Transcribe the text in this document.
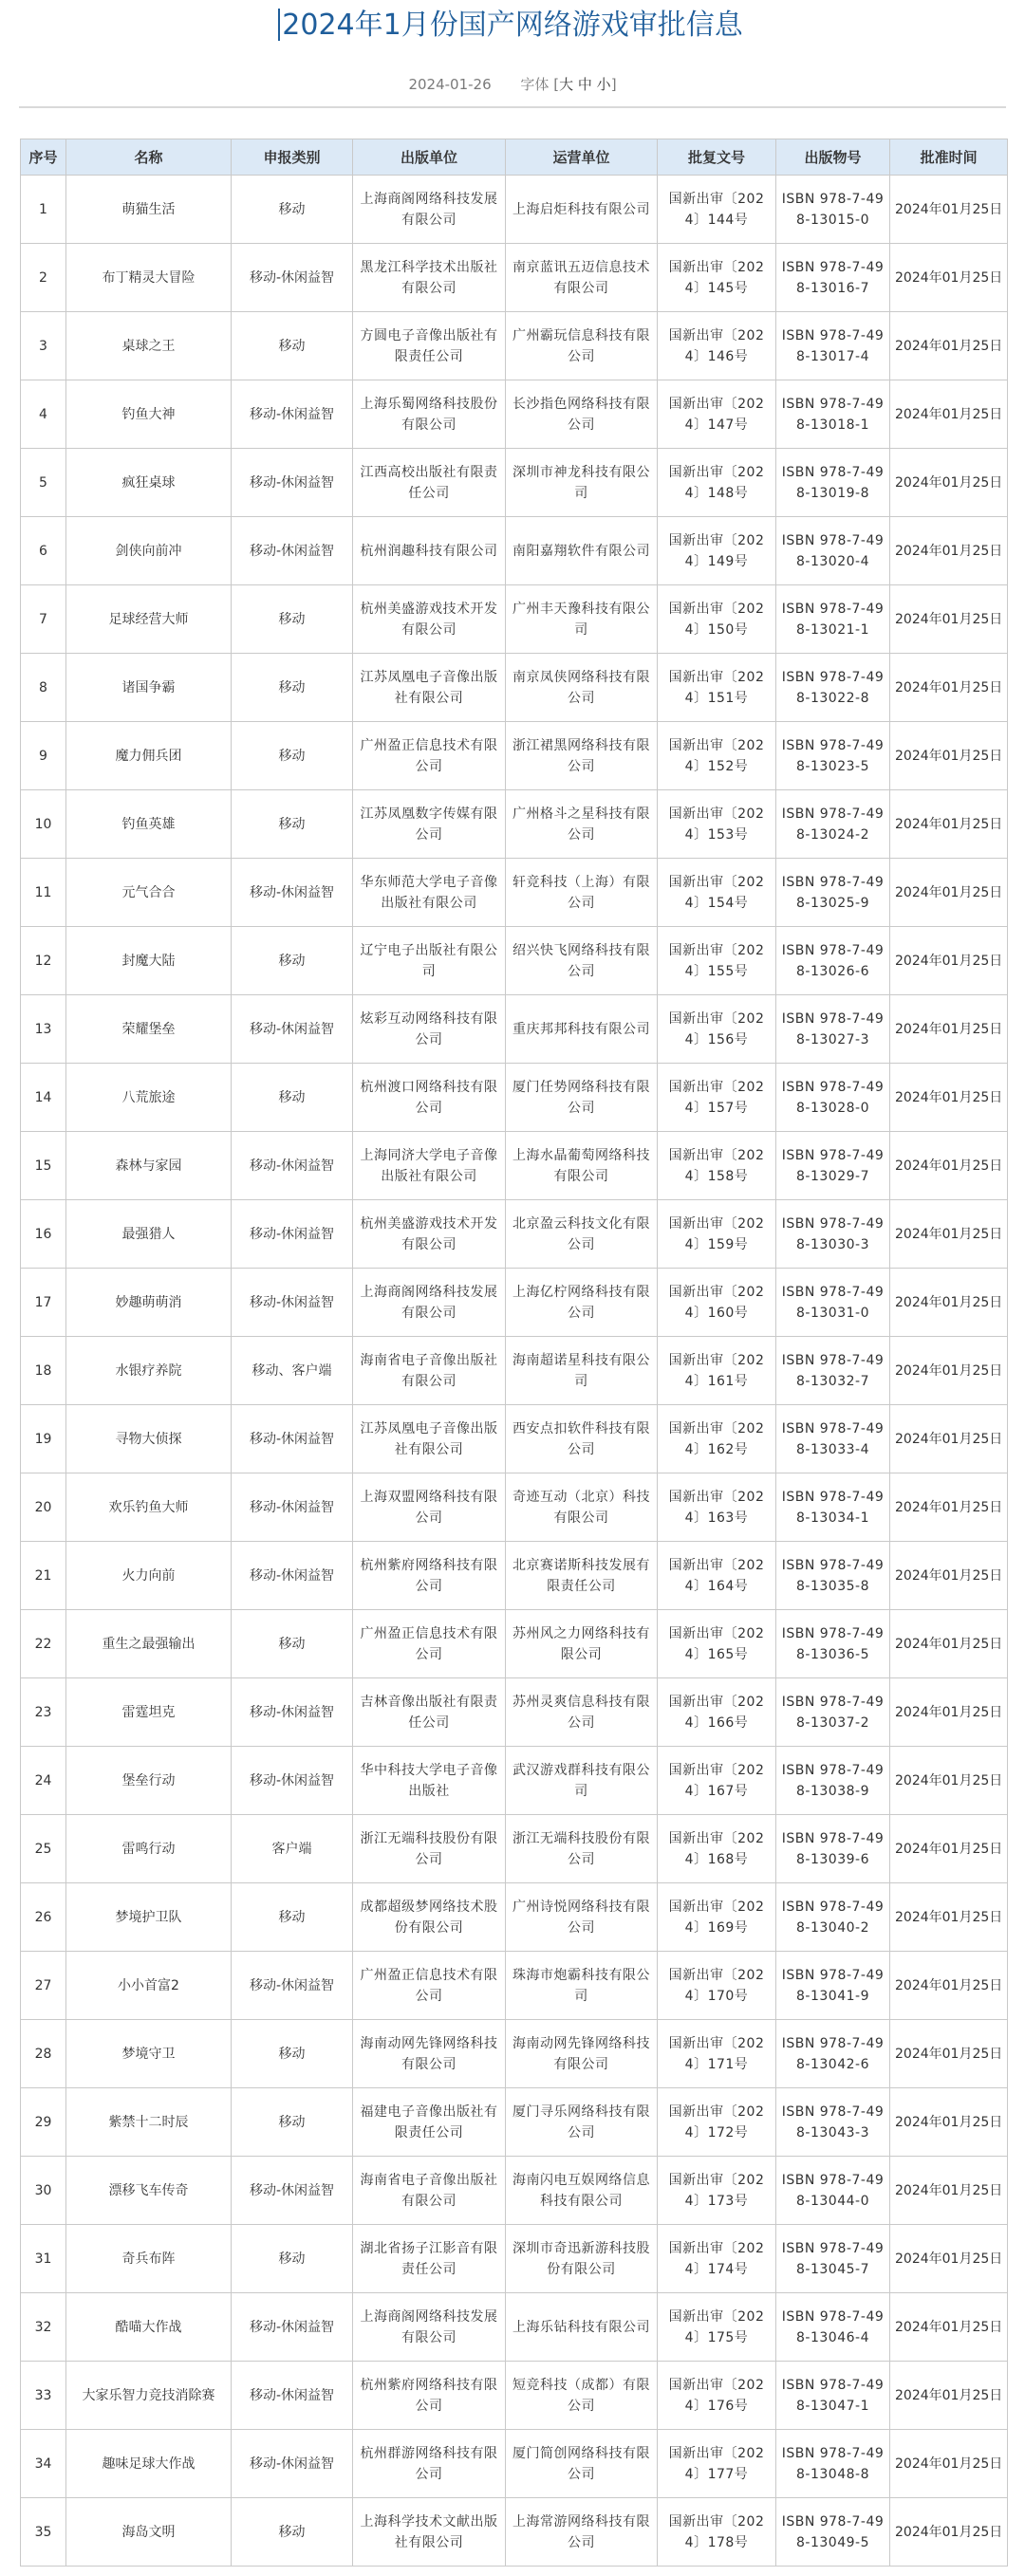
2024年1月份国产网络游戏审批信息
2024-01-26 字体 [大 中 小]
序号	名称	申报类别	出版单位	运营单位	批复文号	出版物号	批准时间
1	萌猫生活	移动	上海商阁网络科技发展有限公司	上海启炬科技有限公司	国新出审〔2024〕144号	ISBN 978-7-498-13015-0	2024年01月25日
2	布丁精灵大冒险	移动-休闲益智	黑龙江科学技术出版社有限公司	南京蓝讯五迈信息技术有限公司	国新出审〔2024〕145号	ISBN 978-7-498-13016-7	2024年01月25日
3	桌球之王	移动	方圆电子音像出版社有限责任公司	广州霸玩信息科技有限公司	国新出审〔2024〕146号	ISBN 978-7-498-13017-4	2024年01月25日
4	钓鱼大神	移动-休闲益智	上海乐蜀网络科技股份有限公司	长沙指色网络科技有限公司	国新出审〔2024〕147号	ISBN 978-7-498-13018-1	2024年01月25日
5	疯狂桌球	移动-休闲益智	江西高校出版社有限责任公司	深圳市神龙科技有限公司	国新出审〔2024〕148号	ISBN 978-7-498-13019-8	2024年01月25日
6	剑侠向前冲	移动-休闲益智	杭州润趣科技有限公司	南阳嘉翔软件有限公司	国新出审〔2024〕149号	ISBN 978-7-498-13020-4	2024年01月25日
7	足球经营大师	移动	杭州美盛游戏技术开发有限公司	广州丰天豫科技有限公司	国新出审〔2024〕150号	ISBN 978-7-498-13021-1	2024年01月25日
8	诸国争霸	移动	江苏凤凰电子音像出版社有限公司	南京凤侠网络科技有限公司	国新出审〔2024〕151号	ISBN 978-7-498-13022-8	2024年01月25日
9	魔力佣兵团	移动	广州盈正信息技术有限公司	浙江裙黑网络科技有限公司	国新出审〔2024〕152号	ISBN 978-7-498-13023-5	2024年01月25日
10	钓鱼英雄	移动	江苏凤凰数字传媒有限公司	广州格斗之星科技有限公司	国新出审〔2024〕153号	ISBN 978-7-498-13024-2	2024年01月25日
11	元气合合	移动-休闲益智	华东师范大学电子音像出版社有限公司	轩竞科技（上海）有限公司	国新出审〔2024〕154号	ISBN 978-7-498-13025-9	2024年01月25日
12	封魔大陆	移动	辽宁电子出版社有限公司	绍兴快飞网络科技有限公司	国新出审〔2024〕155号	ISBN 978-7-498-13026-6	2024年01月25日
13	荣耀堡垒	移动-休闲益智	炫彩互动网络科技有限公司	重庆邦邦科技有限公司	国新出审〔2024〕156号	ISBN 978-7-498-13027-3	2024年01月25日
14	八荒旅途	移动	杭州渡口网络科技有限公司	厦门任势网络科技有限公司	国新出审〔2024〕157号	ISBN 978-7-498-13028-0	2024年01月25日
15	森林与家园	移动-休闲益智	上海同济大学电子音像出版社有限公司	上海水晶葡萄网络科技有限公司	国新出审〔2024〕158号	ISBN 978-7-498-13029-7	2024年01月25日
16	最强猎人	移动-休闲益智	杭州美盛游戏技术开发有限公司	北京盈云科技文化有限公司	国新出审〔2024〕159号	ISBN 978-7-498-13030-3	2024年01月25日
17	妙趣萌萌消	移动-休闲益智	上海商阁网络科技发展有限公司	上海亿柠网络科技有限公司	国新出审〔2024〕160号	ISBN 978-7-498-13031-0	2024年01月25日
18	水银疗养院	移动、客户端	海南省电子音像出版社有限公司	海南超诺星科技有限公司	国新出审〔2024〕161号	ISBN 978-7-498-13032-7	2024年01月25日
19	寻物大侦探	移动-休闲益智	江苏凤凰电子音像出版社有限公司	西安点扣软件科技有限公司	国新出审〔2024〕162号	ISBN 978-7-498-13033-4	2024年01月25日
20	欢乐钓鱼大师	移动-休闲益智	上海双盟网络科技有限公司	奇迹互动（北京）科技有限公司	国新出审〔2024〕163号	ISBN 978-7-498-13034-1	2024年01月25日
21	火力向前	移动-休闲益智	杭州紫府网络科技有限公司	北京赛诺斯科技发展有限责任公司	国新出审〔2024〕164号	ISBN 978-7-498-13035-8	2024年01月25日
22	重生之最强输出	移动	广州盈正信息技术有限公司	苏州风之力网络科技有限公司	国新出审〔2024〕165号	ISBN 978-7-498-13036-5	2024年01月25日
23	雷霆坦克	移动-休闲益智	吉林音像出版社有限责任公司	苏州灵爽信息科技有限公司	国新出审〔2024〕166号	ISBN 978-7-498-13037-2	2024年01月25日
24	堡垒行动	移动-休闲益智	华中科技大学电子音像出版社	武汉游戏群科技有限公司	国新出审〔2024〕167号	ISBN 978-7-498-13038-9	2024年01月25日
25	雷鸣行动	客户端	浙江无端科技股份有限公司	浙江无端科技股份有限公司	国新出审〔2024〕168号	ISBN 978-7-498-13039-6	2024年01月25日
26	梦境护卫队	移动	成都超级梦网络技术股份有限公司	广州诗悦网络科技有限公司	国新出审〔2024〕169号	ISBN 978-7-498-13040-2	2024年01月25日
27	小小首富2	移动-休闲益智	广州盈正信息技术有限公司	珠海市炮霸科技有限公司	国新出审〔2024〕170号	ISBN 978-7-498-13041-9	2024年01月25日
28	梦境守卫	移动	海南动网先锋网络科技有限公司	海南动网先锋网络科技有限公司	国新出审〔2024〕171号	ISBN 978-7-498-13042-6	2024年01月25日
29	紫禁十二时辰	移动	福建电子音像出版社有限责任公司	厦门寻乐网络科技有限公司	国新出审〔2024〕172号	ISBN 978-7-498-13043-3	2024年01月25日
30	漂移飞车传奇	移动-休闲益智	海南省电子音像出版社有限公司	海南闪电互娱网络信息科技有限公司	国新出审〔2024〕173号	ISBN 978-7-498-13044-0	2024年01月25日
31	奇兵布阵	移动	湖北省扬子江影音有限责任公司	深圳市奇迅新游科技股份有限公司	国新出审〔2024〕174号	ISBN 978-7-498-13045-7	2024年01月25日
32	酷喵大作战	移动-休闲益智	上海商阁网络科技发展有限公司	上海乐钻科技有限公司	国新出审〔2024〕175号	ISBN 978-7-498-13046-4	2024年01月25日
33	大家乐智力竞技消除赛	移动-休闲益智	杭州紫府网络科技有限公司	短竞科技（成都）有限公司	国新出审〔2024〕176号	ISBN 978-7-498-13047-1	2024年01月25日
34	趣味足球大作战	移动-休闲益智	杭州群游网络科技有限公司	厦门简创网络科技有限公司	国新出审〔2024〕177号	ISBN 978-7-498-13048-8	2024年01月25日
35	海岛文明	移动	上海科学技术文献出版社有限公司	上海常游网络科技有限公司	国新出审〔2024〕178号	ISBN 978-7-498-13049-5	2024年01月25日
